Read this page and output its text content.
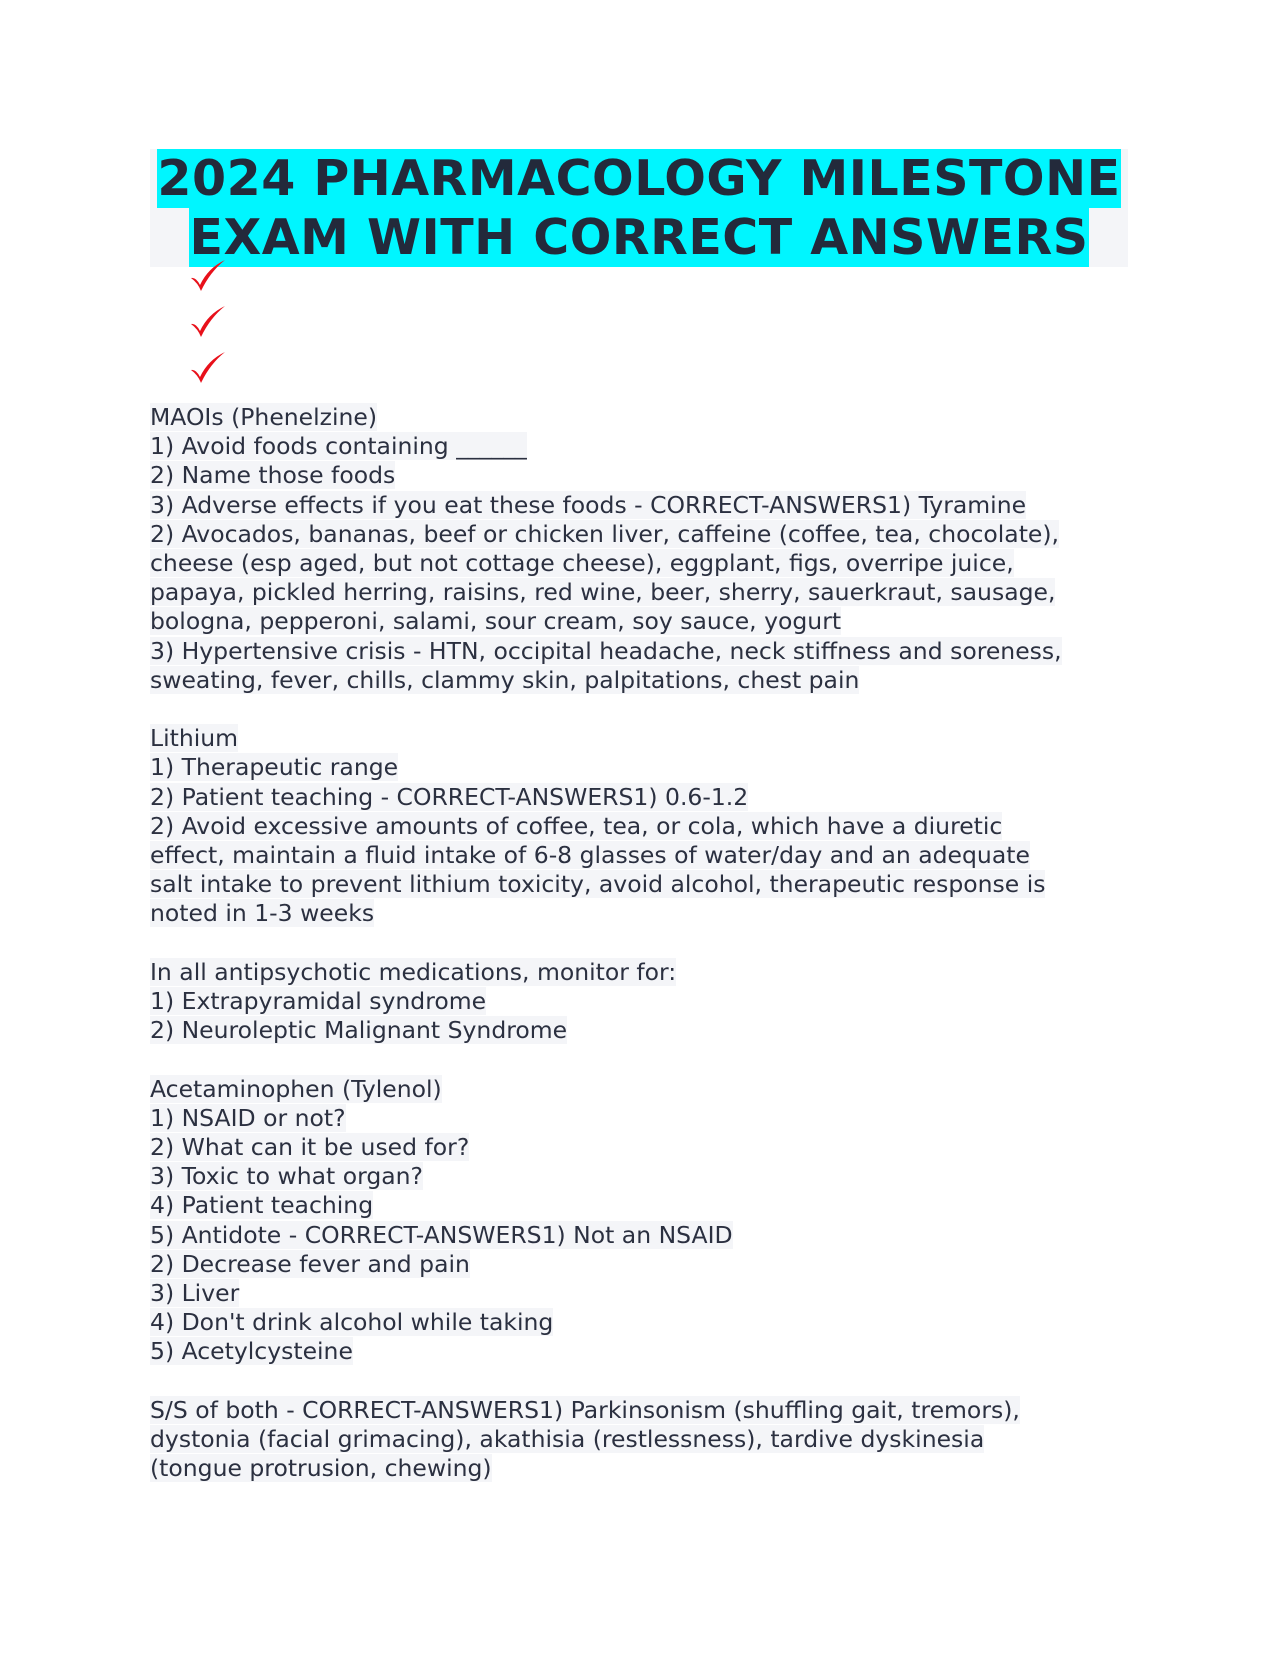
2024 PHARMACOLOGY MILESTONE
EXAM WITH CORRECT ANSWERS
MAOIs (Phenelzine)
1) Avoid foods containing ______
2) Name those foods
3) Adverse effects if you eat these foods - CORRECT-ANSWERS1) Tyramine
2) Avocados, bananas, beef or chicken liver, caffeine (coffee, tea, chocolate),
cheese (esp aged, but not cottage cheese), eggplant, figs, overripe juice,
papaya, pickled herring, raisins, red wine, beer, sherry, sauerkraut, sausage,
bologna, pepperoni, salami, sour cream, soy sauce, yogurt
3) Hypertensive crisis - HTN, occipital headache, neck stiffness and soreness,
sweating, fever, chills, clammy skin, palpitations, chest pain
Lithium
1) Therapeutic range
2) Patient teaching - CORRECT-ANSWERS1) 0.6-1.2
2) Avoid excessive amounts of coffee, tea, or cola, which have a diuretic
effect, maintain a fluid intake of 6-8 glasses of water/day and an adequate
salt intake to prevent lithium toxicity, avoid alcohol, therapeutic response is
noted in 1-3 weeks
In all antipsychotic medications, monitor for:
1) Extrapyramidal syndrome
2) Neuroleptic Malignant Syndrome
Acetaminophen (Tylenol)
1) NSAID or not?
2) What can it be used for?
3) Toxic to what organ?
4) Patient teaching
5) Antidote - CORRECT-ANSWERS1) Not an NSAID
2) Decrease fever and pain
3) Liver
4) Don't drink alcohol while taking
5) Acetylcysteine
S/S of both - CORRECT-ANSWERS1) Parkinsonism (shuffling gait, tremors),
dystonia (facial grimacing), akathisia (restlessness), tardive dyskinesia
(tongue protrusion, chewing)
